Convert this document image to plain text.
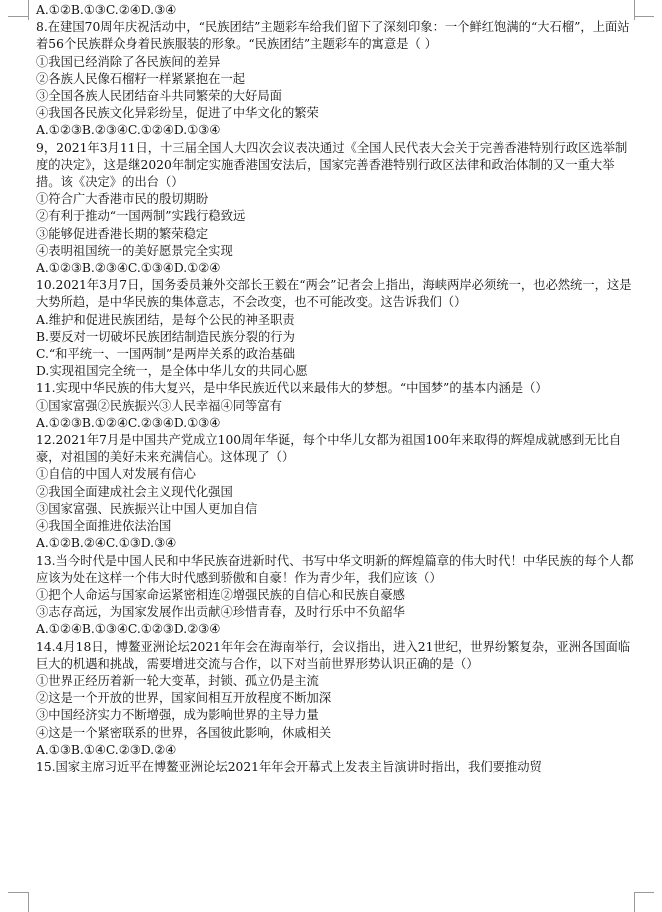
A.①②B.①③C.②④D.③④

8.在建国70周年庆祝活动中，“民族团结”主题彩车给我们留下了深刻印象：一个鲜红饱满的“大石榴”，上面站着56个民族群众身着民族服装的形象。“民族团结”主题彩车的寓意是（ ）

①我国已经消除了各民族间的差异

②各族人民像石榴籽一样紧紧抱在一起

③全国各族人民团结奋斗共同繁荣的大好局面

④我国各民族文化异彩纷呈，促进了中华文化的繁荣

A.①②③B.②③④C.①②④D.①③④

9，2021年3月11日，十三届全国人大四次会议表决通过《全国人民代表大会关于完善香港特别行政区选举制度的决定》，这是继2020年制定实施香港国安法后，国家完善香港特别行政区法律和政治体制的又一重大举措。该《决定》的出台（）

①符合广大香港市民的殷切期盼

②有利于推动“一国两制”实践行稳致远

③能够促进香港长期的繁荣稳定

④表明祖国统一的美好愿景完全实现

A.①②③B.②③④C.①③④D.①②④

10.2021年3月7日，国务委员兼外交部长王毅在“两会”记者会上指出，海峡两岸必须统一，也必然统一，这是大势所趋，是中华民族的集体意志，不会改变，也不可能改变。这告诉我们（）

A.维护和促进民族团结，是每个公民的神圣职责

B.要反对一切破坏民族团结制造民族分裂的行为

C.“和平统一、一国两制”是两岸关系的政治基础

D.实现祖国完全统一，是全体中华儿女的共同心愿

11.实现中华民族的伟大复兴，是中华民族近代以来最伟大的梦想。“中国梦”的基本内涵是（）

①国家富强②民族振兴③人民幸福④同等富有

A.①②③B.①②④C.②③④D.①③④

12.2021年7月是中国共产党成立100周年华诞，每个中华儿女都为祖国100年来取得的辉煌成就感到无比自豪，对祖国的美好未来充满信心。这体现了（）

①自信的中国人对发展有信心

②我国全面建成社会主义现代化强国

③国家富强、民族振兴让中国人更加自信

④我国全面推进依法治国

A.①②B.②④C.①③D.③④

13.当今时代是中国人民和中华民族奋进新时代、书写中华文明新的辉煌篇章的伟大时代！中华民族的每个人都应该为处在这样一个伟大时代感到骄傲和自豪！作为青少年，我们应该（）

①把个人命运与国家命运紧密相连②增强民族的自信心和民族自豪感

③志存高远，为国家发展作出贡献④珍惜青春，及时行乐中不负韶华

A.①②④B.①③④C.①②③D.②③④

14.4月18日，博鳌亚洲论坛2021年年会在海南举行，会议指出，进入21世纪，世界纷繁复杂，亚洲各国面临巨大的机遇和挑战，需要增进交流与合作，以下对当前世界形势认识正确的是（）

①世界正经历着新一轮大变革，封锁、孤立仍是主流

②这是一个开放的世界，国家间相互开放程度不断加深

③中国经济实力不断增强，成为影响世界的主导力量

④这是一个紧密联系的世界，各国彼此影响，休戚相关

A.①③B.①④C.②③D.②④

15.国家主席习近平在博鳌亚洲论坛2021年年会开幕式上发表主旨演讲时指出，我们要推动贸
